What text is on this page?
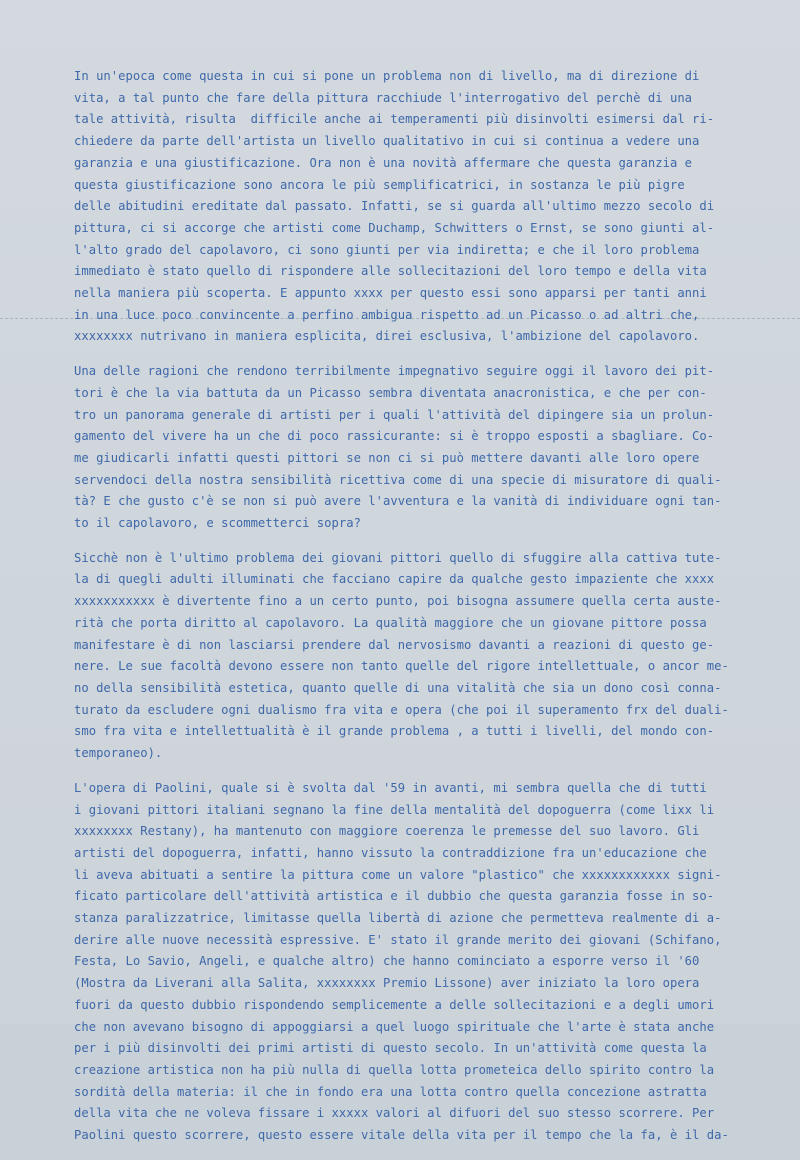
In un'epoca come questa in cui si pone un problema non di livello, ma di direzione di
vita, a tal punto che fare della pittura racchiude l'interrogativo del perchè di una
tale attività, risulta  difficile anche ai temperamenti più disinvolti esimersi dal ri-
chiedere da parte dell'artista un livello qualitativo in cui si continua a vedere una
garanzia e una giustificazione. Ora non è una novità affermare che questa garanzia e
questa giustificazione sono ancora le più semplificatrici, in sostanza le più pigre
delle abitudini ereditate dal passato. Infatti, se si guarda all'ultimo mezzo secolo di
pittura, ci si accorge che artisti come Duchamp, Schwitters o Ernst, se sono giunti al-
l'alto grado del capolavoro, ci sono giunti per via indiretta; e che il loro problema
immediato è stato quello di rispondere alle sollecitazioni del loro tempo e della vita
nella maniera più scoperta. E appunto xxxx per questo essi sono apparsi per tanti anni
in una luce poco convincente a perfino ambigua rispetto ad un Picasso o ad altri che,
xxxxxxxx nutrivano in maniera esplicita, direi esclusiva, l'ambizione del capolavoro.
Una delle ragioni che rendono terribilmente impegnativo seguire oggi il lavoro dei pit-
tori è che la via battuta da un Picasso sembra diventata anacronistica, e che per con-
tro un panorama generale di artisti per i quali l'attività del dipingere sia un prolun-
gamento del vivere ha un che di poco rassicurante: si è troppo esposti a sbagliare. Co-
me giudicarli infatti questi pittori se non ci si può mettere davanti alle loro opere
servendoci della nostra sensibilità ricettiva come di una specie di misuratore di quali-
tà? E che gusto c'è se non si può avere l'avventura e la vanità di individuare ogni tan-
to il capolavoro, e scommetterci sopra?
Sicchè non è l'ultimo problema dei giovani pittori quello di sfuggire alla cattiva tute-
la di quegli adulti illuminati che facciano capire da qualche gesto impaziente che xxxx
xxxxxxxxxxx è divertente fino a un certo punto, poi bisogna assumere quella certa auste-
rità che porta diritto al capolavoro. La qualità maggiore che un giovane pittore possa
manifestare è di non lasciarsi prendere dal nervosismo davanti a reazioni di questo ge-
nere. Le sue facoltà devono essere non tanto quelle del rigore intellettuale, o ancor me-
no della sensibilità estetica, quanto quelle di una vitalità che sia un dono così conna-
turato da escludere ogni dualismo fra vita e opera (che poi il superamento frx del duali-
smo fra vita e intellettualità è il grande problema , a tutti i livelli, del mondo con-
temporaneo).
L'opera di Paolini, quale si è svolta dal '59 in avanti, mi sembra quella che di tutti
i giovani pittori italiani segnano la fine della mentalità del dopoguerra (come lixx li
xxxxxxxx Restany), ha mantenuto con maggiore coerenza le premesse del suo lavoro. Gli
artisti del dopoguerra, infatti, hanno vissuto la contraddizione fra un'educazione che
li aveva abituati a sentire la pittura come un valore "plastico" che xxxxxxxxxxxx signi-
ficato particolare dell'attività artistica e il dubbio che questa garanzia fosse in so-
stanza paralizzatrice, limitasse quella libertà di azione che permetteva realmente di a-
derire alle nuove necessità espressive. E' stato il grande merito dei giovani (Schifano,
Festa, Lo Savio, Angeli, e qualche altro) che hanno cominciato a esporre verso il '60
(Mostra da Liverani alla Salita, xxxxxxxx Premio Lissone) aver iniziato la loro opera
fuori da questo dubbio rispondendo semplicemente a delle sollecitazioni e a degli umori
che non avevano bisogno di appoggiarsi a quel luogo spirituale che l'arte è stata anche
per i più disinvolti dei primi artisti di questo secolo. In un'attività come questa la
creazione artistica non ha più nulla di quella lotta prometeica dello spirito contro la
sordità della materia: il che in fondo era una lotta contro quella concezione astratta
della vita che ne voleva fissare i xxxxx valori al difuori del suo stesso scorrere. Per
Paolini questo scorrere, questo essere vitale della vita per il tempo che la fa, è il da-
